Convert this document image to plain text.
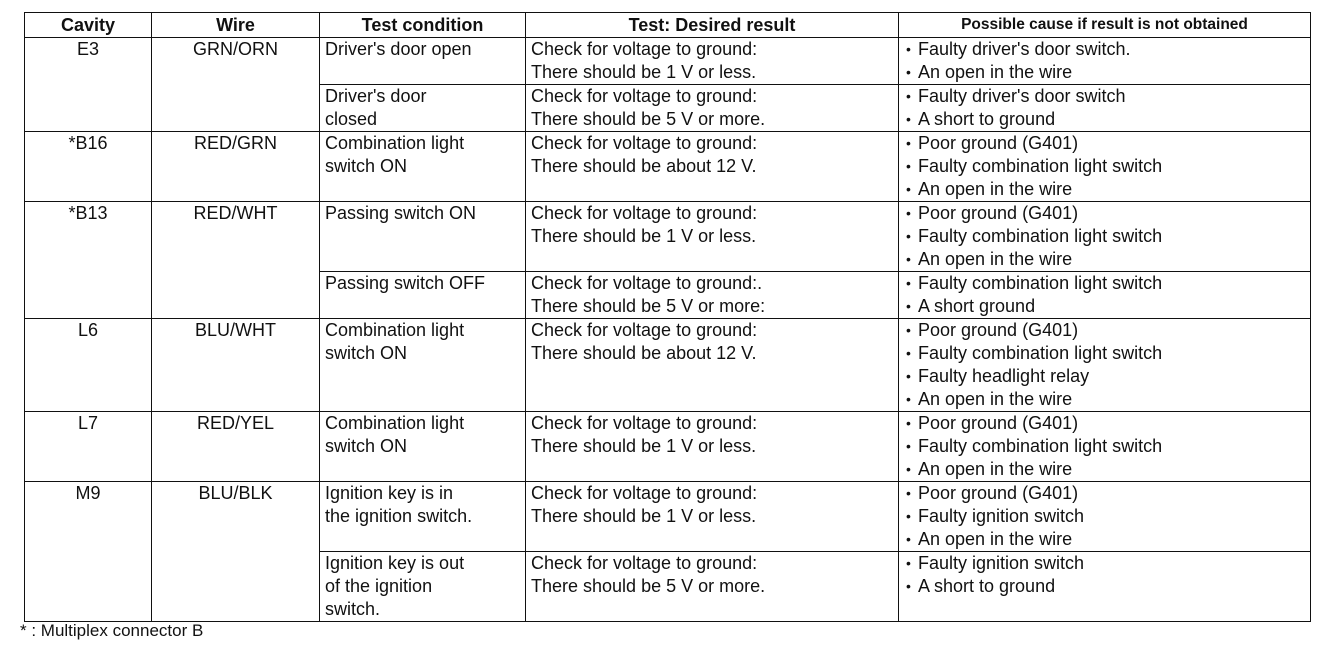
Cavity	Wire	Test condition	Test: Desired result	Possible cause if result is not obtained
E3	GRN/ORN	Driver's door open	Check for voltage to ground:
There should be 1 V or less.	• Faulty driver's door switch.
• An open in the wire

		Driver's door
closed	Check for voltage to ground:
There should be 5 V or more.	• Faulty driver's door switch
• A short to ground

*B16	RED/GRN	Combination light
switch ON	Check for voltage to ground:
There should be about 12 V.	• Poor ground (G401)
• Faulty combination light switch
• An open in the wire

*B13	RED/WHT	Passing switch ON	Check for voltage to ground:
There should be 1 V or less.	• Poor ground (G401)
• Faulty combination light switch
• An open in the wire

		Passing switch OFF	Check for voltage to ground:.
There should be 5 V or more:	• Faulty combination light switch
• A short ground

L6	BLU/WHT	Combination light
switch ON	Check for voltage to ground:
There should be about 12 V.	• Poor ground (G401)
• Faulty combination light switch
• Faulty headlight relay
• An open in the wire

L7	RED/YEL	Combination light
switch ON	Check for voltage to ground:
There should be 1 V or less.	• Poor ground (G401)
• Faulty combination light switch
• An open in the wire

M9	BLU/BLK	Ignition key is in
the ignition switch.	Check for voltage to ground:
There should be 1 V or less.	• Poor ground (G401)
• Faulty ignition switch
• An open in the wire

		Ignition key is out
of the ignition
switch.	Check for voltage to ground:
There should be 5 V or more.	• Faulty ignition switch
• A short to ground
* : Multiplex connector B
